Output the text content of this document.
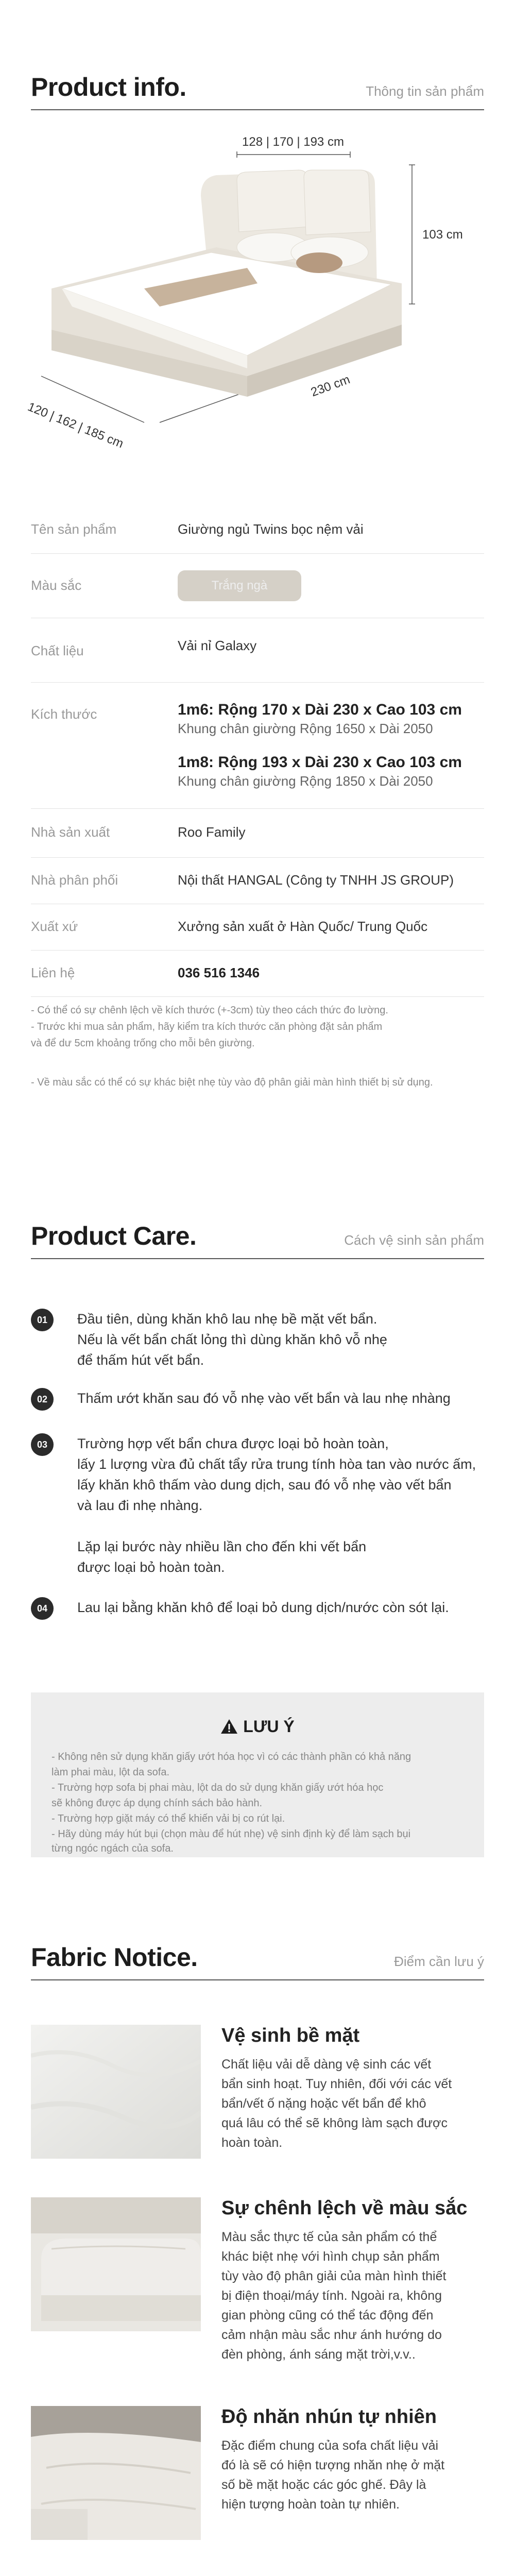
Product info.	Thông tin sản phẩm
128 | 170 | 193 cm
103 cm
120 | 162 | 185 cm
230 cm
Tên sản phẩm	Giường ngủ Twins bọc nệm vải
Màu sắc	Trắng ngà
Chất liệu	Vải nỉ Galaxy
Kích thước	1m6: Rộng 170 x Dài 230 x Cao 103 cm
Khung chân giường Rộng 1650 x Dài 2050
1m8: Rộng 193 x Dài 230 x Cao 103 cm
Khung chân giường Rộng 1850 x Dài 2050
Nhà sản xuất	Roo Family
Nhà phân phối	Nội thất HANGAL (Công ty TNHH JS GROUP)
Xuất xứ	Xưởng sản xuất ở Hàn Quốc/ Trung Quốc
Liên hệ	036 516 1346
- Có thể có sự chênh lệch về kích thước (+-3cm) tùy theo cách thức đo lường.
- Trước khi mua sản phẩm, hãy kiểm tra kích thước căn phòng đặt sản phẩm
và để dư 5cm khoảng trống cho mỗi bên giường.
- Về màu sắc có thể có sự khác biệt nhẹ tùy vào độ phân giải màn hình thiết bị sử dụng.
Product Care.	Cách vệ sinh sản phẩm
01	Đầu tiên, dùng khăn khô lau nhẹ bề mặt vết bẩn.
Nếu là vết bẩn chất lỏng thì dùng khăn khô vỗ nhẹ
để thấm hút vết bẩn.
02	Thấm ướt khăn sau đó vỗ nhẹ vào vết bẩn và lau nhẹ nhàng
03	Trường hợp vết bẩn chưa được loại bỏ hoàn toàn,
lấy 1 lượng vừa đủ chất tẩy rửa trung tính hòa tan vào nước ấm,
lấy khăn khô thấm vào dung dịch, sau đó vỗ nhẹ vào vết bẩn
và lau đi nhẹ nhàng.
Lặp lại bước này nhiều lần cho đến khi vết bẩn
được loại bỏ hoàn toàn.
04	Lau lại bằng khăn khô để loại bỏ dung dịch/nước còn sót lại.
LƯU Ý
- Không nên sử dụng khăn giấy ướt hóa học vì có các thành phần có khả năng
làm phai màu, lột da sofa.
- Trường hợp sofa bị phai màu, lột da do sử dụng khăn giấy ướt hóa học
sẽ không được áp dụng chính sách bảo hành.
- Trường hợp giặt máy có thể khiến vải bị co rút lại.
- Hãy dùng máy hút bụi (chọn màu để hút nhẹ) vệ sinh định kỳ để làm sạch bụi
từng ngóc ngách của sofa.
Fabric Notice.	Điểm cần lưu ý
Vệ sinh bề mặt
Chất liệu vải dễ dàng vệ sinh các vết
bẩn sinh hoạt. Tuy nhiên, đối với các vết
bẩn/vết ố nặng hoặc vết bẩn để khô
quá lâu có thể sẽ không làm sạch được
hoàn toàn.
Sự chênh lệch về màu sắc
Màu sắc thực tế của sản phẩm có thể
khác biệt nhẹ với hình chụp sản phẩm
tùy vào độ phân giải của màn hình thiết
bị điện thoại/máy tính. Ngoài ra, không
gian phòng cũng có thể tác động đến
cảm nhận màu sắc như ánh hướng do
đèn phòng, ánh sáng mặt trời,v.v..
Độ nhăn nhún tự nhiên
Đặc điểm chung của sofa chất liệu vải
đó là sẽ có hiện tượng nhăn nhẹ ở mặt
số bề mặt hoặc các góc ghế. Đây là
hiện tượng hoàn toàn tự nhiên.
